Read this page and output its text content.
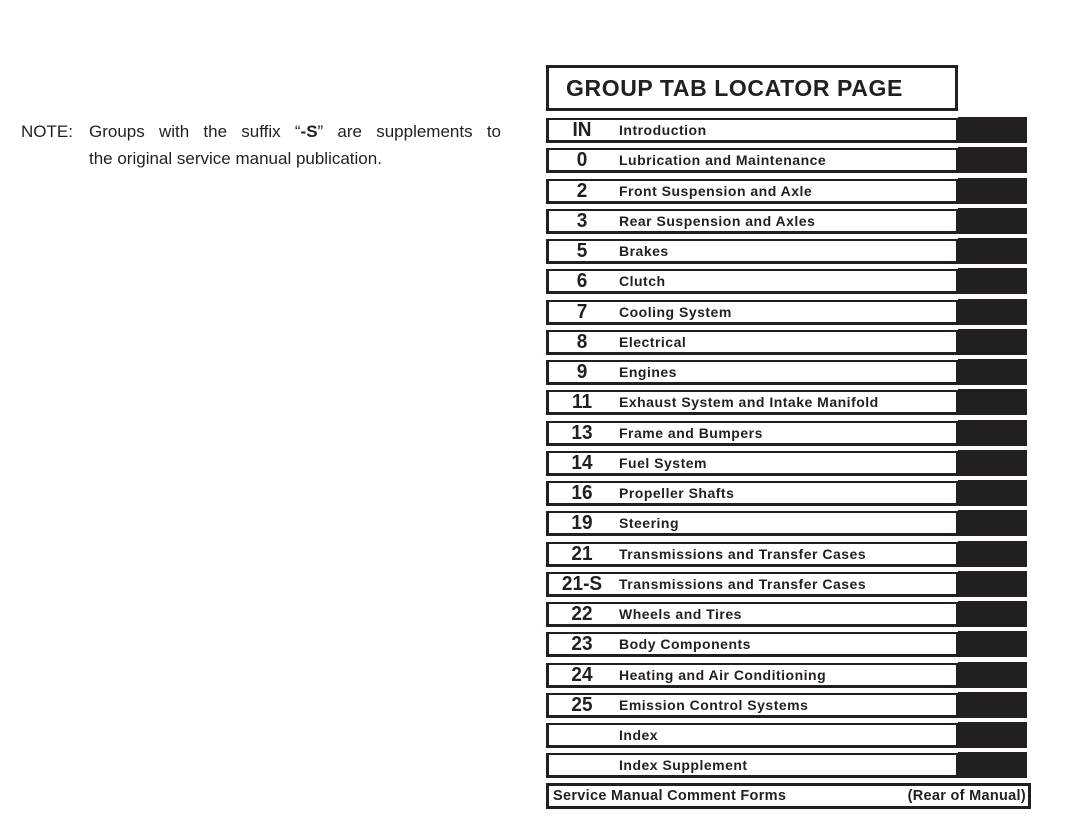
NOTE: Groups with the suffix “-S” are supplements to
the original service manual publication.
GROUP TAB LOCATOR PAGE
IN	Introduction
0	Lubrication and Maintenance
2	Front Suspension and Axle
3	Rear Suspension and Axles
5	Brakes
6	Clutch
7	Cooling System
8	Electrical
9	Engines
11	Exhaust System and Intake Manifold
13	Frame and Bumpers
14	Fuel System
16	Propeller Shafts
19	Steering
21	Transmissions and Transfer Cases
21-S	Transmissions and Transfer Cases
22	Wheels and Tires
23	Body Components
24	Heating and Air Conditioning
25	Emission Control Systems
Index
Index Supplement
Service Manual Comment Forms	(Rear of Manual)
